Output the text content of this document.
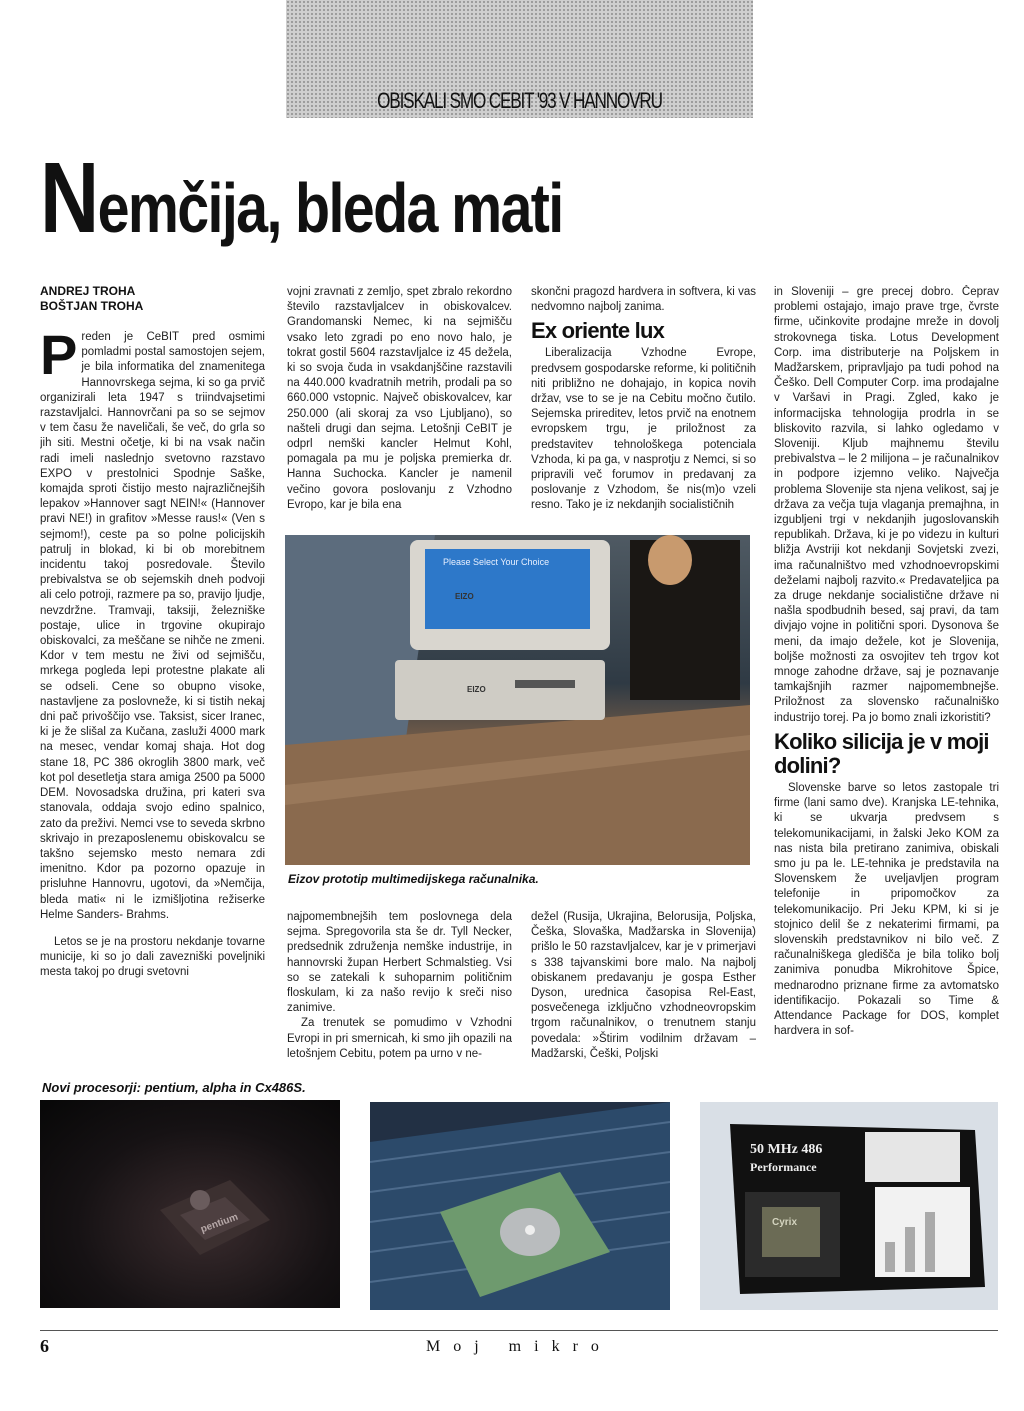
OBISKALI SMO CEBIT '93 V HANNOVRU
Nemčija, bleda mati
ANDREJ TROHA
BOŠTJAN TROHA

Preden je CeBIT pred osmimi pomladmi postal samostojen sejem, je bila informatika del znamenitega Hannovrskega sejma, ki so ga prvič organizirali leta 1947 s triindvajsetimi razstavljalci. Hannovrčani pa so se sejmov v tem času že naveličali, še več, do grla so jih siti. Mestni očetje, ki bi na vsak način radi imeli naslednjo svetovno razstavo EXPO v prestolnici Spodnje Saške, komajda sproti čistijo mesto najrazličnejših lepakov »Hannover sagt NEIN!« (Hannover pravi NE!) in grafitov »Messe raus!« (Ven s sejmom!), ceste pa so polne policijskih patrulj in blokad, ki bi ob morebitnem incidentu takoj posredovale. Število prebivalstva se ob sejemskih dneh podvoji ali celo potroji, razmere pa so, pravijo ljudje, nevzdržne. Tramvaji, taksiji, železniške postaje, ulice in trgovine okupirajo obiskovalci, za meščane se nihče ne zmeni. Kdor v tem mestu ne živi od sejmišču, mrkega pogleda lepi protestne plakate ali se odseli. Cene so obupno visoke, nastavljene za poslovneže, ki si tistih nekaj dni pač privoščijo vse. Taksist, sicer Iranec, ki je že slišal za Kučana, zasluži 4000 mark na mesec, vendar komaj shaja. Hot dog stane 18, PC 386 okroglih 3800 mark, več kot pol desetletja stara amiga 2500 pa 5000 DEM. Novosadska družina, pri kateri sva stanovala, oddaja svojo edino spalnico, zato da preživi. Nemci vse to seveda skrbno skrivajo in prezaposlenemu obiskovalcu se takšno sejemsko mesto nemara zdi imenitno. Kdor pa pozorno opazuje in prisluhne Hannovru, ugotovi, da »Nemčija, bleda mati« ni le izmišljotina režiserke Helme Sanders- Brahms.

Letos se je na prostoru nekdanje tovarne municije, ki so jo dali zavezniški poveljniki mesta takoj po drugi svetovni

vojni zravnati z zemljo, spet zbralo rekordno število razstavljalcev in obiskovalcev. Grandomanski Nemec, ki na sejmišču vsako leto zgradi po eno novo halo, je tokrat gostil 5604 razstavljalce iz 45 dežela, ki so svoja čuda in vsakdanjščine razstavili na 440.000 kvadratnih metrih, prodali pa so 660.000 vstopnic. Največ obiskovalcev, kar 250.000 (ali skoraj za vso Ljubljano), so našteli drugi dan sejma. Letošnji CeBIT je odprl nemški kancler Helmut Kohl, pomagala pa mu je poljska premierka dr. Hanna Suchocka. Kancler je namenil večino govora poslovanju z Vzhodno Evropo, kar je bila ena

skončni pragozd hardvera in softvera, ki vas nedvomno najbolj zanima.

Ex oriente lux

Liberalizacija Vzhodne Evrope, predvsem gospodarske reforme, ki političnih niti približno ne dohajajo, in kopica novih držav, vse to se je na Cebitu močno čutilo. Sejemska prireditev, letos prvič na enotnem evropskem trgu, je priložnost za predstavitev tehnološkega potenciala Vzhoda, ki pa ga, v nasprotju z Nemci, si so pripravili več forumov in predavanj za poslovanje z Vzhodom, še nis(m)o vzeli resno. Tako je iz nekdanjih socialističnih

in Sloveniji – gre precej dobro. Čeprav problemi ostajajo, imajo prave trge, čvrste firme, učinkovite prodajne mreže in dovolj strokovnega tiska. Lotus Development Corp. ima distributerje na Poljskem in Madžarskem, pripravljajo pa tudi pohod na Češko. Dell Computer Corp. ima prodajalne v Varšavi in Pragi. Zgled, kako je informacijska tehnologija prodrla in se bliskovito razvila, si lahko ogledamo v Sloveniji. Kljub majhnemu številu prebivalstva – le 2 milijona – je računalnikov in podpore izjemno veliko. Največja problema Slovenije sta njena velikost, saj je država za večja tuja vlaganja premajhna, in izgubljeni trgi v nekdanjih jugoslovanskih republikah. Država, ki je po videzu in kulturi bližja Avstriji kot nekdanji Sovjetski zvezi, ima računalništvo med vzhodnoevropskimi deželami najbolj razvito.« Predavateljica pa za druge nekdanje socialistične države ni našla spodbudnih besed, saj pravi, da tam divjajo vojne in politični spori. Dysonova še meni, da imajo dežele, kot je Slovenija, boljše možnosti za osvojitev teh trgov kot mnoge zahodne države, saj je poznavanje tamkajšnjih razmer najpomembnejše. Priložnost za slovensko računalniško industrijo torej. Pa jo bomo znali izkoristiti?

Koliko silicija je v moji dolini?

Slovenske barve so letos zastopale tri firme (lani samo dve). Kranjska LE-tehnika, ki se ukvarja predvsem s telekomunikacijami, in žalski Jeko KOM za nas nista bila pretirano zanimiva, obiskali smo ju pa le. LE-tehnika je predstavila na Slovenskem že uveljavljen program telefonije in pripomočkov za telekomunikacijo. Pri Jeku KPM, ki si je stojnico delil še z nekaterimi firmami, pa slovenskih predstavnikov ni bilo več. Z računalniškega gledišča je bila toliko bolj zanimiva ponudba Mikrohitove Špice, mednarodno priznane firme za avtomatsko identifikacijo. Pokazali so Time & Attendance Package for DOS, komplet hardvera in sof-

Please Select Your Choice
EIZO
EIZO
Eizov prototip multimedijskega računalnika.

najpomembnejših tem poslovnega dela sejma. Spregovorila sta še dr. Tyll Necker, predsednik združenja nemške industrije, in hannovrski župan Herbert Schmalstieg. Vsi so se zatekali k suhoparnim političnim floskulam, ki za našo revijo k sreči niso zanimive.

Za trenutek se pomudimo v Vzhodni Evropi in pri smernicah, ki smo jih opazili na letošnjem Cebitu, potem pa urno v ne-

dežel (Rusija, Ukrajina, Belorusija, Poljska, Češka, Slovaška, Madžarska in Slovenija) prišlo le 50 razstavljalcev, kar je v primerjavi s 338 tajvanskimi bore malo. Na najbolj obiskanem predavanju je gospa Esther Dyson, urednica časopisa Rel-East, posvečenega izključno vzhodneovropskim trgom računalnikov, o trenutnem stanju povedala: »Štirim vodilnim državam – Madžarski, Češki, Poljski

Novi procesorji: pentium, alpha in Cx486S.
pentium
50 MHz 486
Performance
Cyrix
6	Moj mikro
